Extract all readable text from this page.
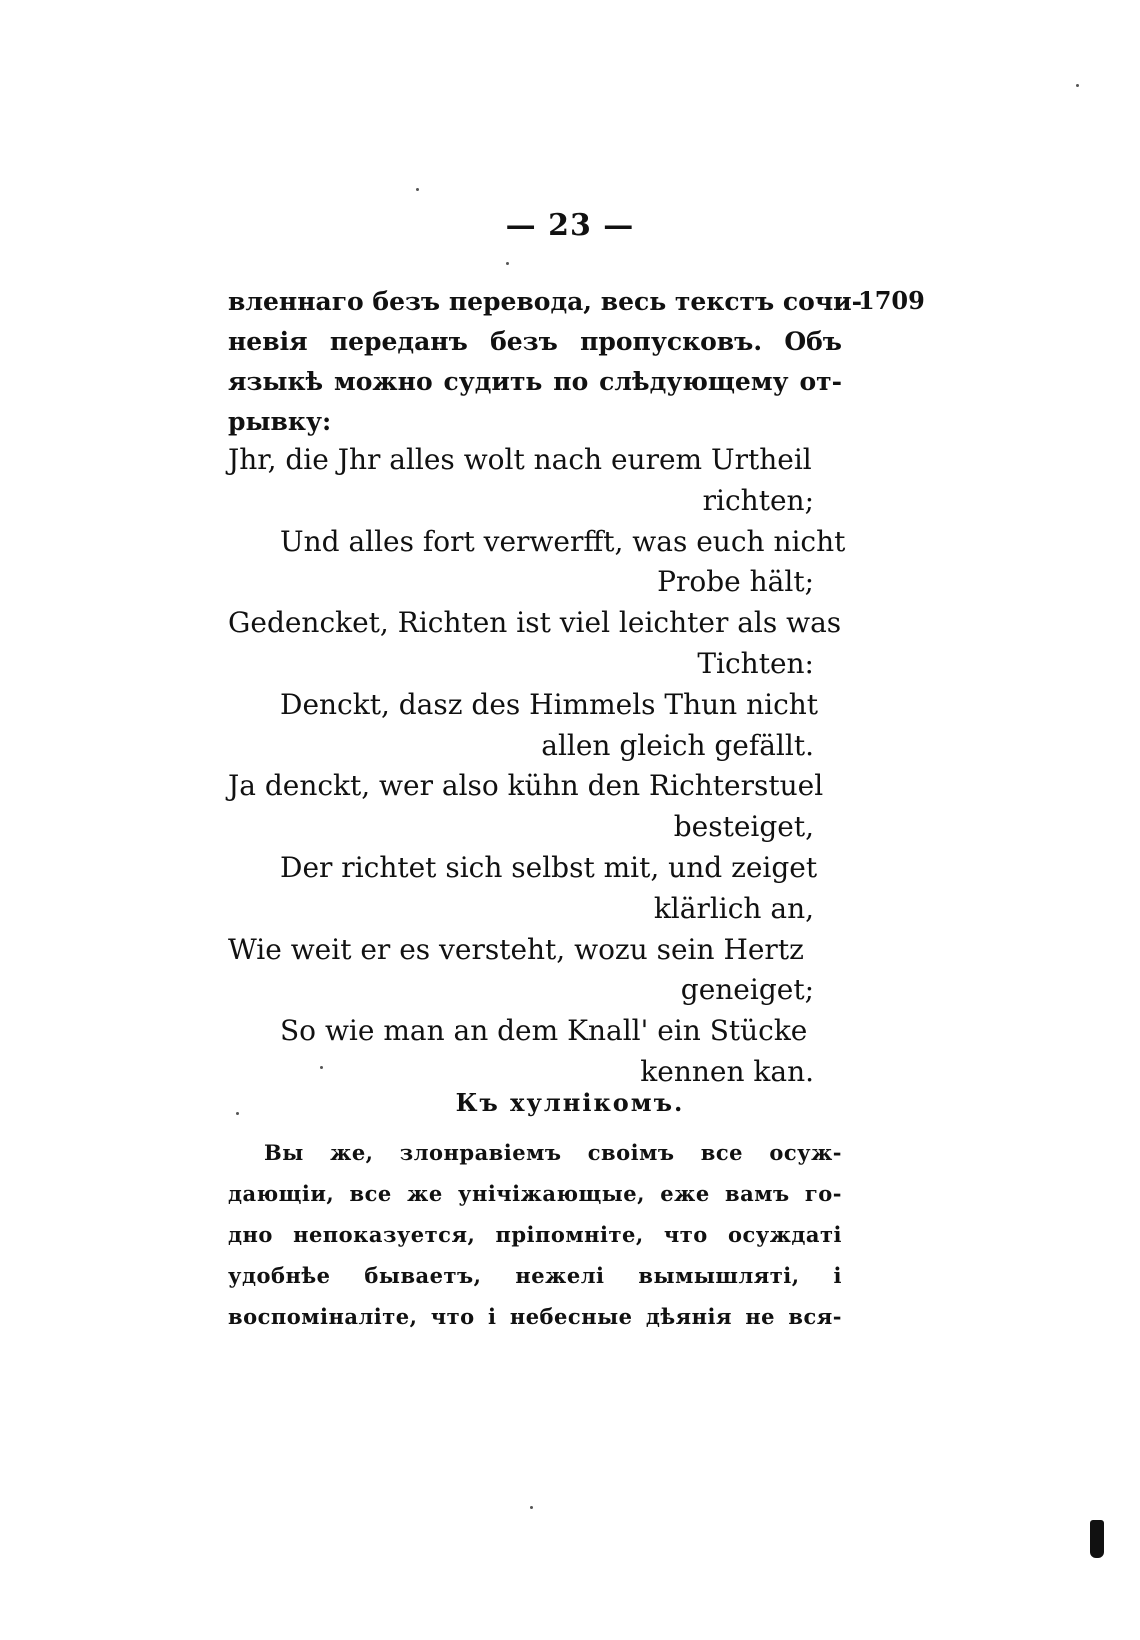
— 23 —
1709
вленнаго безъ перевода, весь текстъ сочи-
невія переданъ безъ пропусковъ. Объ
языкѣ можно судить по слѣдующему от-
рывку:
Jhr, die Jhr alles wolt nach eurem Urtheil
richten;
Und alles fort verwerfft, was euch nicht
Probe hält;
Gedencket, Richten ist viel leichter als was
Tichten:
Denckt, dasz des Himmels Thun nicht
allen gleich gefällt.
Ja denckt, wer also kühn den Richterstuel
besteiget,
Der richtet sich selbst mit, und zeiget
klärlich an,
Wie weit er es versteht, wozu sein Hertz
geneiget;
So wie man an dem Knall' ein Stücke
kennen kan.
Къ хулнікомъ.
Вы же, злонравіемъ своімъ все осуж-
дающіи, все же унічіжающые, еже вамъ го-
дно непоказуется, пріпомніте, что осуждаті
удобнѣе бываетъ, нежелі вымышляті, і
воспоміналіте, что і небесные дѣянія не вся-
